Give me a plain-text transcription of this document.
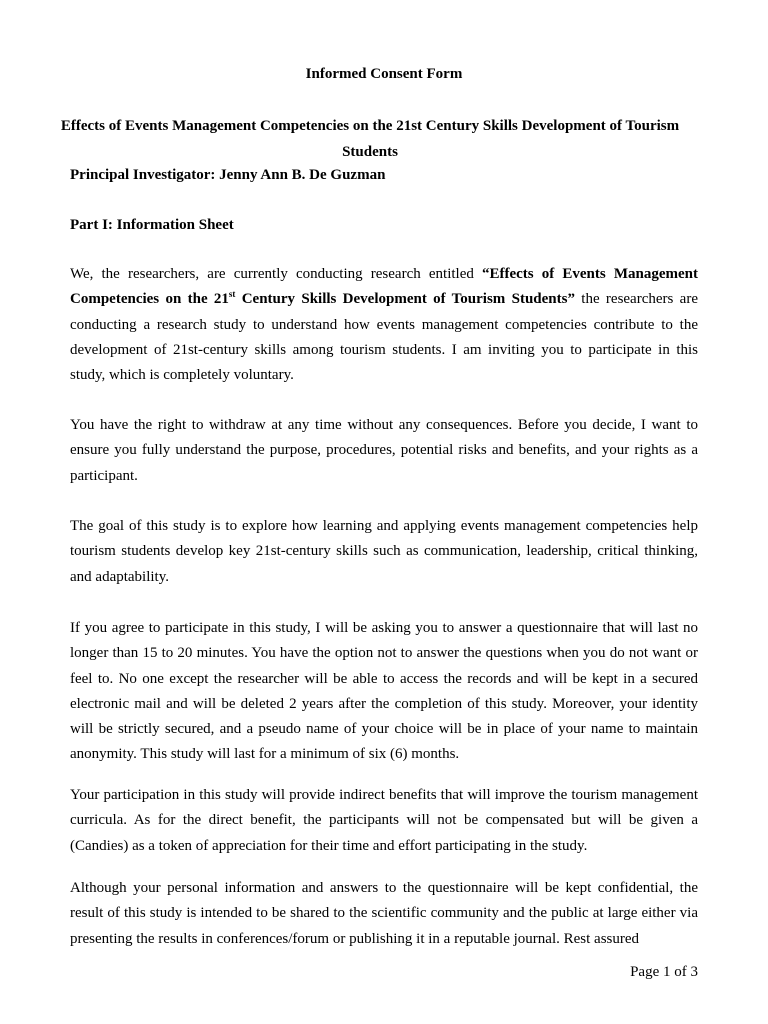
Informed Consent Form
Effects of Events Management Competencies on the 21st Century Skills Development of Tourism Students
Principal Investigator: Jenny Ann B. De Guzman
Part I: Information Sheet

We, the researchers, are currently conducting research entitled “Effects of Events Management Competencies on the 21st Century Skills Development of Tourism Students” the researchers are conducting a research study to understand how events management competencies contribute to the development of 21st-century skills among tourism students. I am inviting you to participate in this study, which is completely voluntary.

You have the right to withdraw at any time without any consequences. Before you decide, I want to ensure you fully understand the purpose, procedures, potential risks and benefits, and your rights as a participant.

The goal of this study is to explore how learning and applying events management competencies help tourism students develop key 21st-century skills such as communication, leadership, critical thinking, and adaptability.

If you agree to participate in this study, I will be asking you to answer a questionnaire that will last no longer than 15 to 20 minutes. You have the option not to answer the questions when you do not want or feel to. No one except the researcher will be able to access the records and will be kept in a secured electronic mail and will be deleted 2 years after the completion of this study. Moreover, your identity will be strictly secured, and a pseudo name of your choice will be in place of your name to maintain anonymity. This study will last for a minimum of six (6) months.

Your participation in this study will provide indirect benefits that will improve the tourism management curricula. As for the direct benefit, the participants will not be compensated but will be given a (Candies) as a token of appreciation for their time and effort participating in the study.

Although your personal information and answers to the questionnaire will be kept confidential, the result of this study is intended to be shared to the scientific community and the public at large either via presenting the results in conferences/forum or publishing it in a reputable journal. Rest assured

Page 1 of 3
